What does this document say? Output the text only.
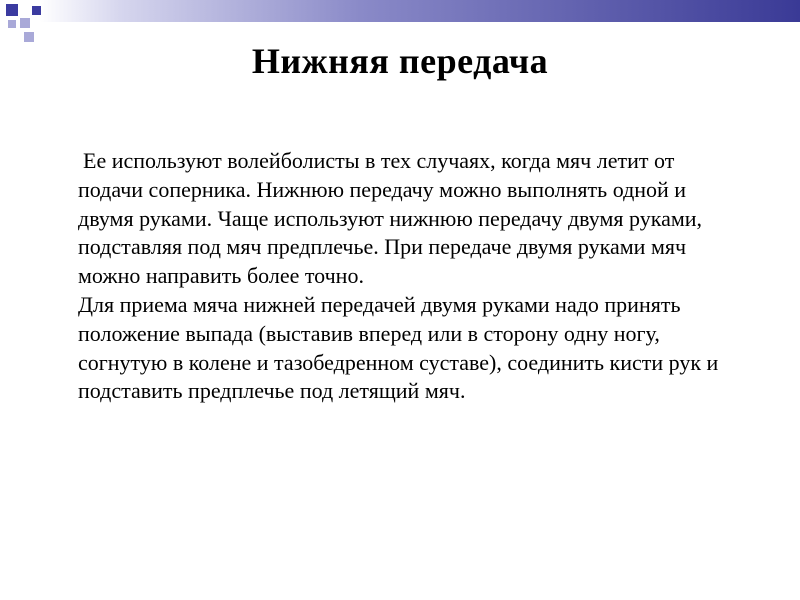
Нижняя передача

Ее используют волейболисты в тех случаях, когда мяч летит от подачи соперника. Нижнюю передачу можно выполнять одной и двумя руками. Чаще используют нижнюю передачу двумя руками, подставляя под мяч предплечье. При передаче двумя руками мяч можно направить более точно.

Для приема мяча нижней передачей двумя руками надо принять положение выпада (выставив вперед или в сторону одну ногу, согнутую в колене и тазобедренном суставе), соединить кисти рук и подставить предплечье под летящий мяч.
